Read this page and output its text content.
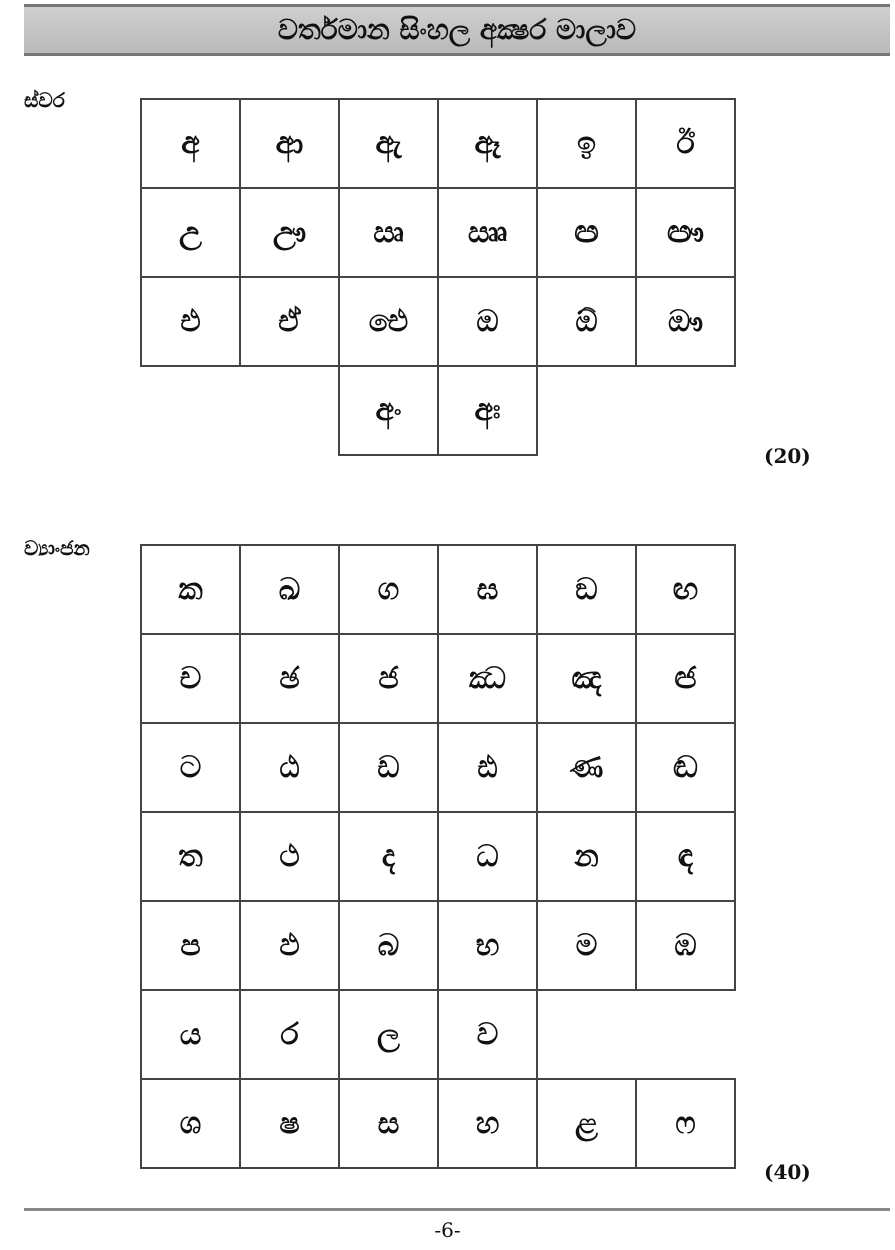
වර්තමාන සිංහල අක්‍ෂර මාලාව
ස්වර
අ	ආ	ඇ	ඈ	ඉ	ඊ
උ	ඌ	ඍ	ඎ	ඏ	ඐ
එ	ඒ	ඓ	ඔ	ඕ	ඖ
		අං	අඃ		
(20)
ව්‍යාංජන
ක	ඛ	ග	ඝ	ඞ	ඟ
ච	ඡ	ජ	ඣ	ඤ	ඦ
ට	ඨ	ඩ	ඪ	ණ	ඬ
ත	ථ	ද	ධ	න	ඳ
ප	ඵ	බ	භ	ම	ඹ
ය	ර	ල	ව		
ශ	ෂ	ස	හ	ළ	ෆ
(40)
-6-
